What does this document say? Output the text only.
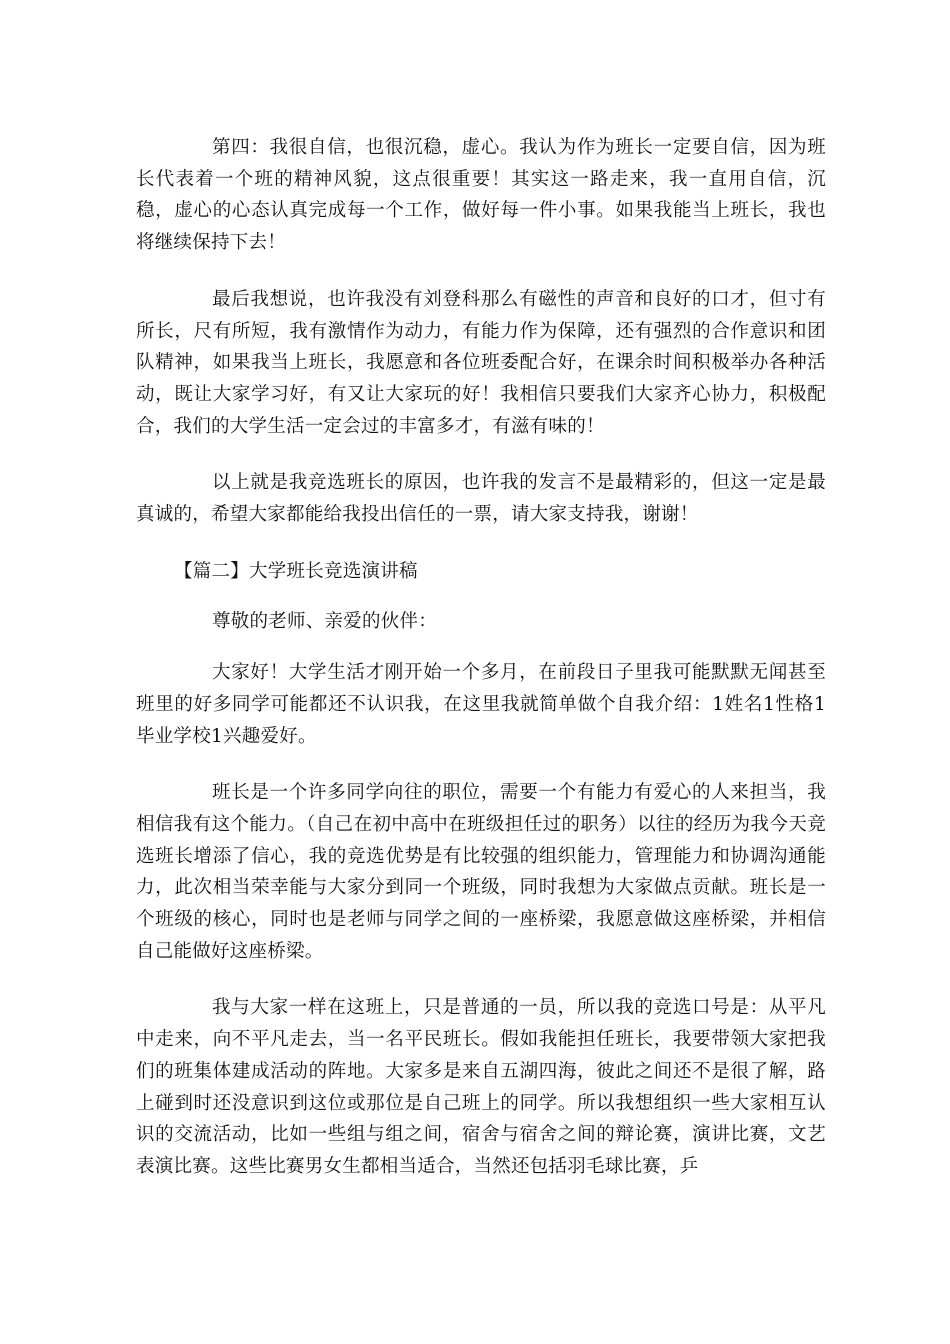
第四：我很自信，也很沉稳，虚心。我认为作为班长一定要自信，因为班长代表着一个班的精神风貌，这点很重要！其实这一路走来，我一直用自信，沉稳，虚心的心态认真完成每一个工作，做好每一件小事。如果我能当上班长，我也将继续保持下去！

最后我想说，也许我没有刘登科那么有磁性的声音和良好的口才，但寸有所长，尺有所短，我有激情作为动力，有能力作为保障，还有强烈的合作意识和团队精神，如果我当上班长，我愿意和各位班委配合好，在课余时间积极举办各种活动，既让大家学习好，有又让大家玩的好！我相信只要我们大家齐心协力，积极配合，我们的大学生活一定会过的丰富多才，有滋有味的！

以上就是我竞选班长的原因，也许我的发言不是最精彩的，但这一定是最真诚的，希望大家都能给我投出信任的一票，请大家支持我，谢谢！

【篇二】大学班长竞选演讲稿

尊敬的老师、亲爱的伙伴：

大家好！大学生活才刚开始一个多月，在前段日子里我可能默默无闻甚至班里的好多同学可能都还不认识我，在这里我就简单做个自我介绍：1姓名1性格1毕业学校1兴趣爱好。

班长是一个许多同学向往的职位，需要一个有能力有爱心的人来担当，我相信我有这个能力。（自己在初中高中在班级担任过的职务）以往的经历为我今天竞选班长增添了信心，我的竞选优势是有比较强的组织能力，管理能力和协调沟通能力，此次相当荣幸能与大家分到同一个班级，同时我想为大家做点贡献。班长是一个班级的核心，同时也是老师与同学之间的一座桥梁，我愿意做这座桥梁，并相信自己能做好这座桥梁。

我与大家一样在这班上，只是普通的一员，所以我的竞选口号是：从平凡中走来，向不平凡走去，当一名平民班长。假如我能担任班长，我要带领大家把我们的班集体建成活动的阵地。大家多是来自五湖四海，彼此之间还不是很了解，路上碰到时还没意识到这位或那位是自己班上的同学。所以我想组织一些大家相互认识的交流活动，比如一些组与组之间，宿舍与宿舍之间的辩论赛，演讲比赛，文艺表演比赛。这些比赛男女生都相当适合，当然还包括羽毛球比赛，乒
